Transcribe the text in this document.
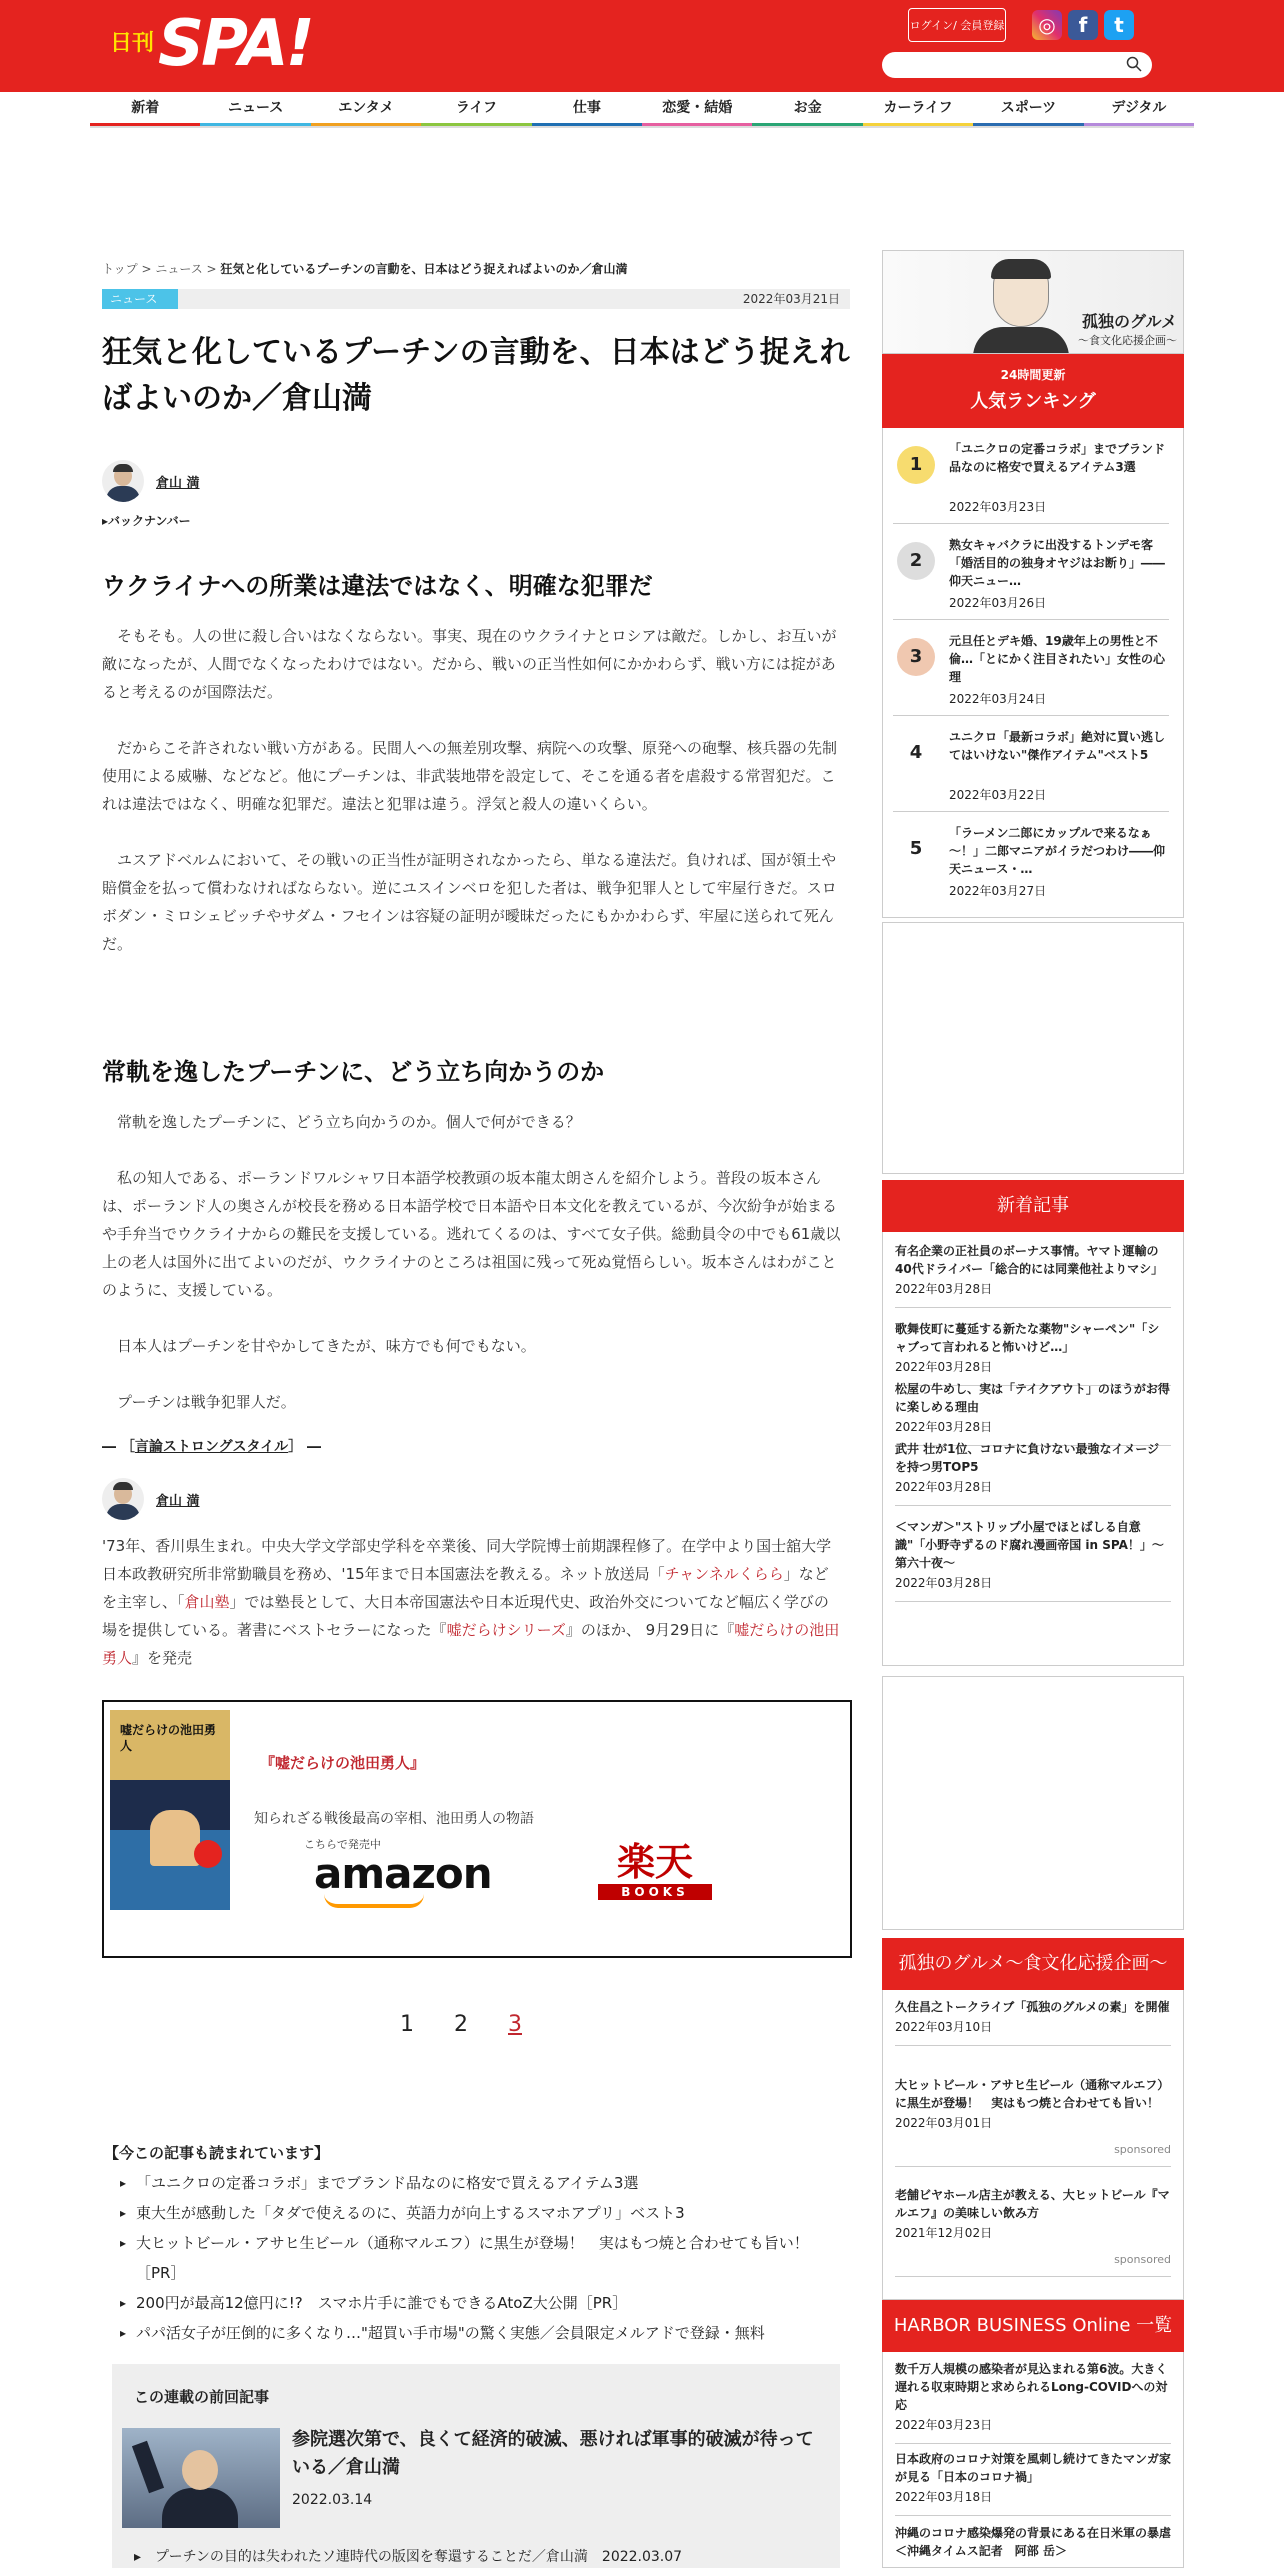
日刊 SPA!	ログイン/ 会員登録	◎	f	t
新着	ニュース	エンタメ	ライフ	仕事	恋愛・結婚	お金	カーライフ	スポーツ	デジタル
トップ > ニュース > 狂気と化しているプーチンの言動を、日本はどう捉えればよいのか／倉山満
ニュース	2022年03月21日
狂気と化しているプーチンの言動を、日本はどう捉えればよいのか／倉山満
倉山 満
▸バックナンバー
ウクライナへの所業は違法ではなく、明確な犯罪だ

そもそも。人の世に殺し合いはなくならない。事実、現在のウクライナとロシアは敵だ。しかし、お互いが敵になったが、人間でなくなったわけではない。だから、戦いの正当性如何にかかわらず、戦い方には掟があると考えるのが国際法だ。

だからこそ許されない戦い方がある。民間人への無差別攻撃、病院への攻撃、原発への砲撃、核兵器の先制使用による威嚇、などなど。他にプーチンは、非武装地帯を設定して、そこを通る者を虐殺する常習犯だ。これは違法ではなく、明確な犯罪だ。違法と犯罪は違う。浮気と殺人の違いくらい。

ユスアドベルムにおいて、その戦いの正当性が証明されなかったら、単なる違法だ。負ければ、国が領土や賠償金を払って償わなければならない。逆にユスインベロを犯した者は、戦争犯罪人として牢屋行きだ。スロボダン・ミロシェビッチやサダム・フセインは容疑の証明が曖昧だったにもかかわらず、牢屋に送られて死んだ。

常軌を逸したプーチンに、どう立ち向かうのか

常軌を逸したプーチンに、どう立ち向かうのか。個人で何ができる？

私の知人である、ポーランドワルシャワ日本語学校教頭の坂本龍太朗さんを紹介しよう。普段の坂本さんは、ポーランド人の奥さんが校長を務める日本語学校で日本語や日本文化を教えているが、今次紛争が始まるや手弁当でウクライナからの難民を支援している。逃れてくるのは、すべて女子供。総動員令の中でも61歳以上の老人は国外に出てよいのだが、ウクライナのところは祖国に残って死ぬ覚悟らしい。坂本さんはわがことのように、支援している。

日本人はプーチンを甘やかしてきたが、味方でも何でもない。

プーチンは戦争犯罪人だ。

― ［言論ストロングスタイル］ ―
倉山 満

'73年、香川県生まれ。中央大学文学部史学科を卒業後、同大学院博士前期課程修了。在学中より国士舘大学日本政教研究所非常勤職員を務め、'15年まで日本国憲法を教える。ネット放送局「チャンネルくらら」などを主宰し、「倉山塾」では塾長として、大日本帝国憲法や日本近現代史、政治外交についてなど幅広く学びの場を提供している。著書にベストセラーになった『嘘だらけシリーズ』のほか、 9月29日に『嘘だらけの池田勇人』を発売

嘘だらけの池田勇人
『嘘だらけの池田勇人』
知られざる戦後最高の宰相、池田勇人の物語
こちらで発売中
amazon	楽天
BOOKS
1 2 3
【今この記事も読まれています】
▸ 「ユニクロの定番コラボ」までブランド品なのに格安で買えるアイテム3選
▸ 東大生が感動した「タダで使えるのに、英語力が向上するスマホアプリ」ベスト3
▸ 大ヒットビール・アサヒ生ビール（通称マルエフ）に黒生が登場！　実はもつ焼と合わせても旨い！［PR］
▸ 200円が最高12億円に!?　スマホ片手に誰でもできるAtoZ大公開［PR］
▸ パパ活女子が圧倒的に多くなり…"超買い手市場"の驚く実態／会員限定メルアドで登録・無料
この連載の前回記事
参院選次第で、良くて経済的破滅、悪ければ軍事的破滅が待っている／倉山満
2022.03.14
▸　プーチンの目的は失われたソ連時代の版図を奪還することだ／倉山満　2022.03.07
孤独のグルメ
〜食文化応援企画〜
24時間更新
人気ランキング
1
「ユニクロの定番コラボ」までブランド品なのに格安で買えるアイテム3選
2022年03月23日
2
熟女キャバクラに出没するトンデモ客「婚活目的の独身オヤジはお断り」――仰天ニュー…
2022年03月26日
3
元旦任とデキ婚、19歳年上の男性と不倫…「とにかく注目されたい」女性の心理
2022年03月24日
4
ユニクロ「最新コラボ」絶対に買い逃してはいけない"傑作アイテム"ベスト5
2022年03月22日
5
「ラーメン二郎にカップルで来るなぁ～！」二郎マニアがイラだつわけ――仰天ニュース・…
2022年03月27日
新着記事
有名企業の正社員のボーナス事情。ヤマト運輸の40代ドライバー「総合的には同業他社よりマシ」
2022年03月28日
歌舞伎町に蔓延する新たな薬物"シャーペン"「シャブって言われると怖いけど…」
2022年03月28日
松屋の牛めし、実は「テイクアウト」のほうがお得に楽しめる理由
2022年03月28日
武井 壮が1位、コロナに負けない最強なイメージを持つ男TOP5
2022年03月28日
＜マンガ＞"ストリップ小屋でほとばしる自意識"「小野寺ずるのド腐れ漫画帝国 in SPA！」～第六十夜～
2022年03月28日
孤独のグルメ～食文化応援企画～
久住昌之トークライブ「孤独のグルメの素」を開催
2022年03月10日
大ヒットビール・アサヒ生ビール（通称マルエフ）に黒生が登場！　実はもつ焼と合わせても旨い！
2022年03月01日
sponsored
老舗ビヤホール店主が教える、大ヒットビール『マルエフ』の美味しい飲み方
2021年12月02日
sponsored
HARBOR BUSINESS Online 一覧
数千万人規模の感染者が見込まれる第6波。大きく遅れる収束時期と求められるLong-COVIDへの対応
2022年03月23日
日本政府のコロナ対策を風刺し続けてきたマンガ家が見る「日本のコロナ禍」
2022年03月18日
沖縄のコロナ感染爆発の背景にある在日米軍の暴虐＜沖縄タイムス記者　阿部 岳＞
